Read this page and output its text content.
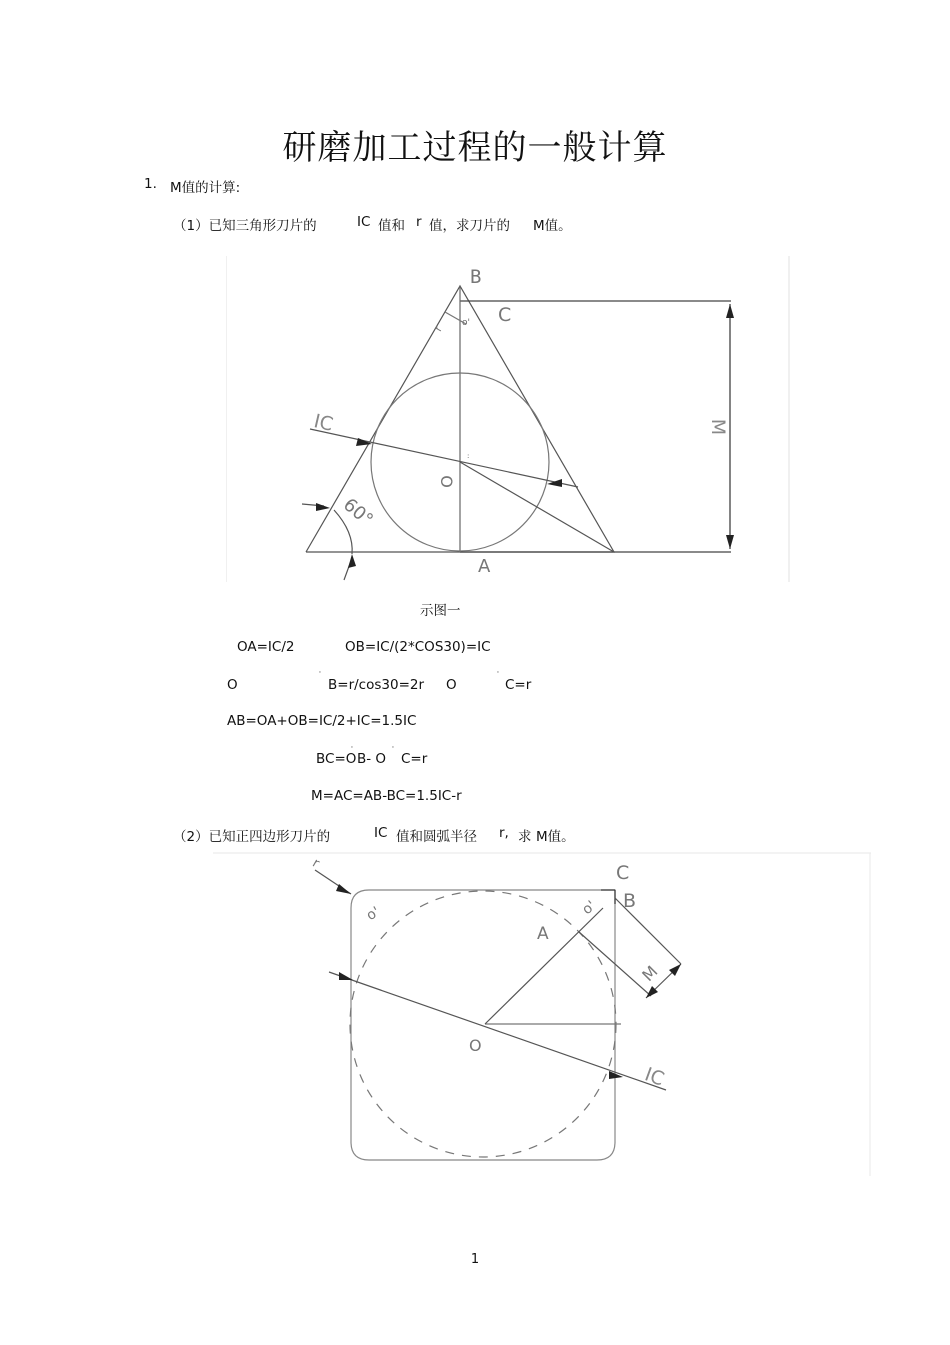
研磨加工过程的一般计算
1. M值的计算:
（1）已知三角形刀片的	IC 值和 r 值，求刀片的 M值。
B
C
o'
r
IC	M
O
:
60°
A
示图一
OA=IC/2	OB=IC/(2*COS30)=IC
'
O	B=r/cos30=2r O
'
C=r
AB=OA+OB=IC/2+IC=1.5IC
'	'
BC=O B- O C=r
M=AC=AB-BC=1.5IC-r
（2）已知正四边形刀片的	IC 值和圆弧半径 r, 求 M值。
r
o'
C
B
A
o'
M
O
IC
1
